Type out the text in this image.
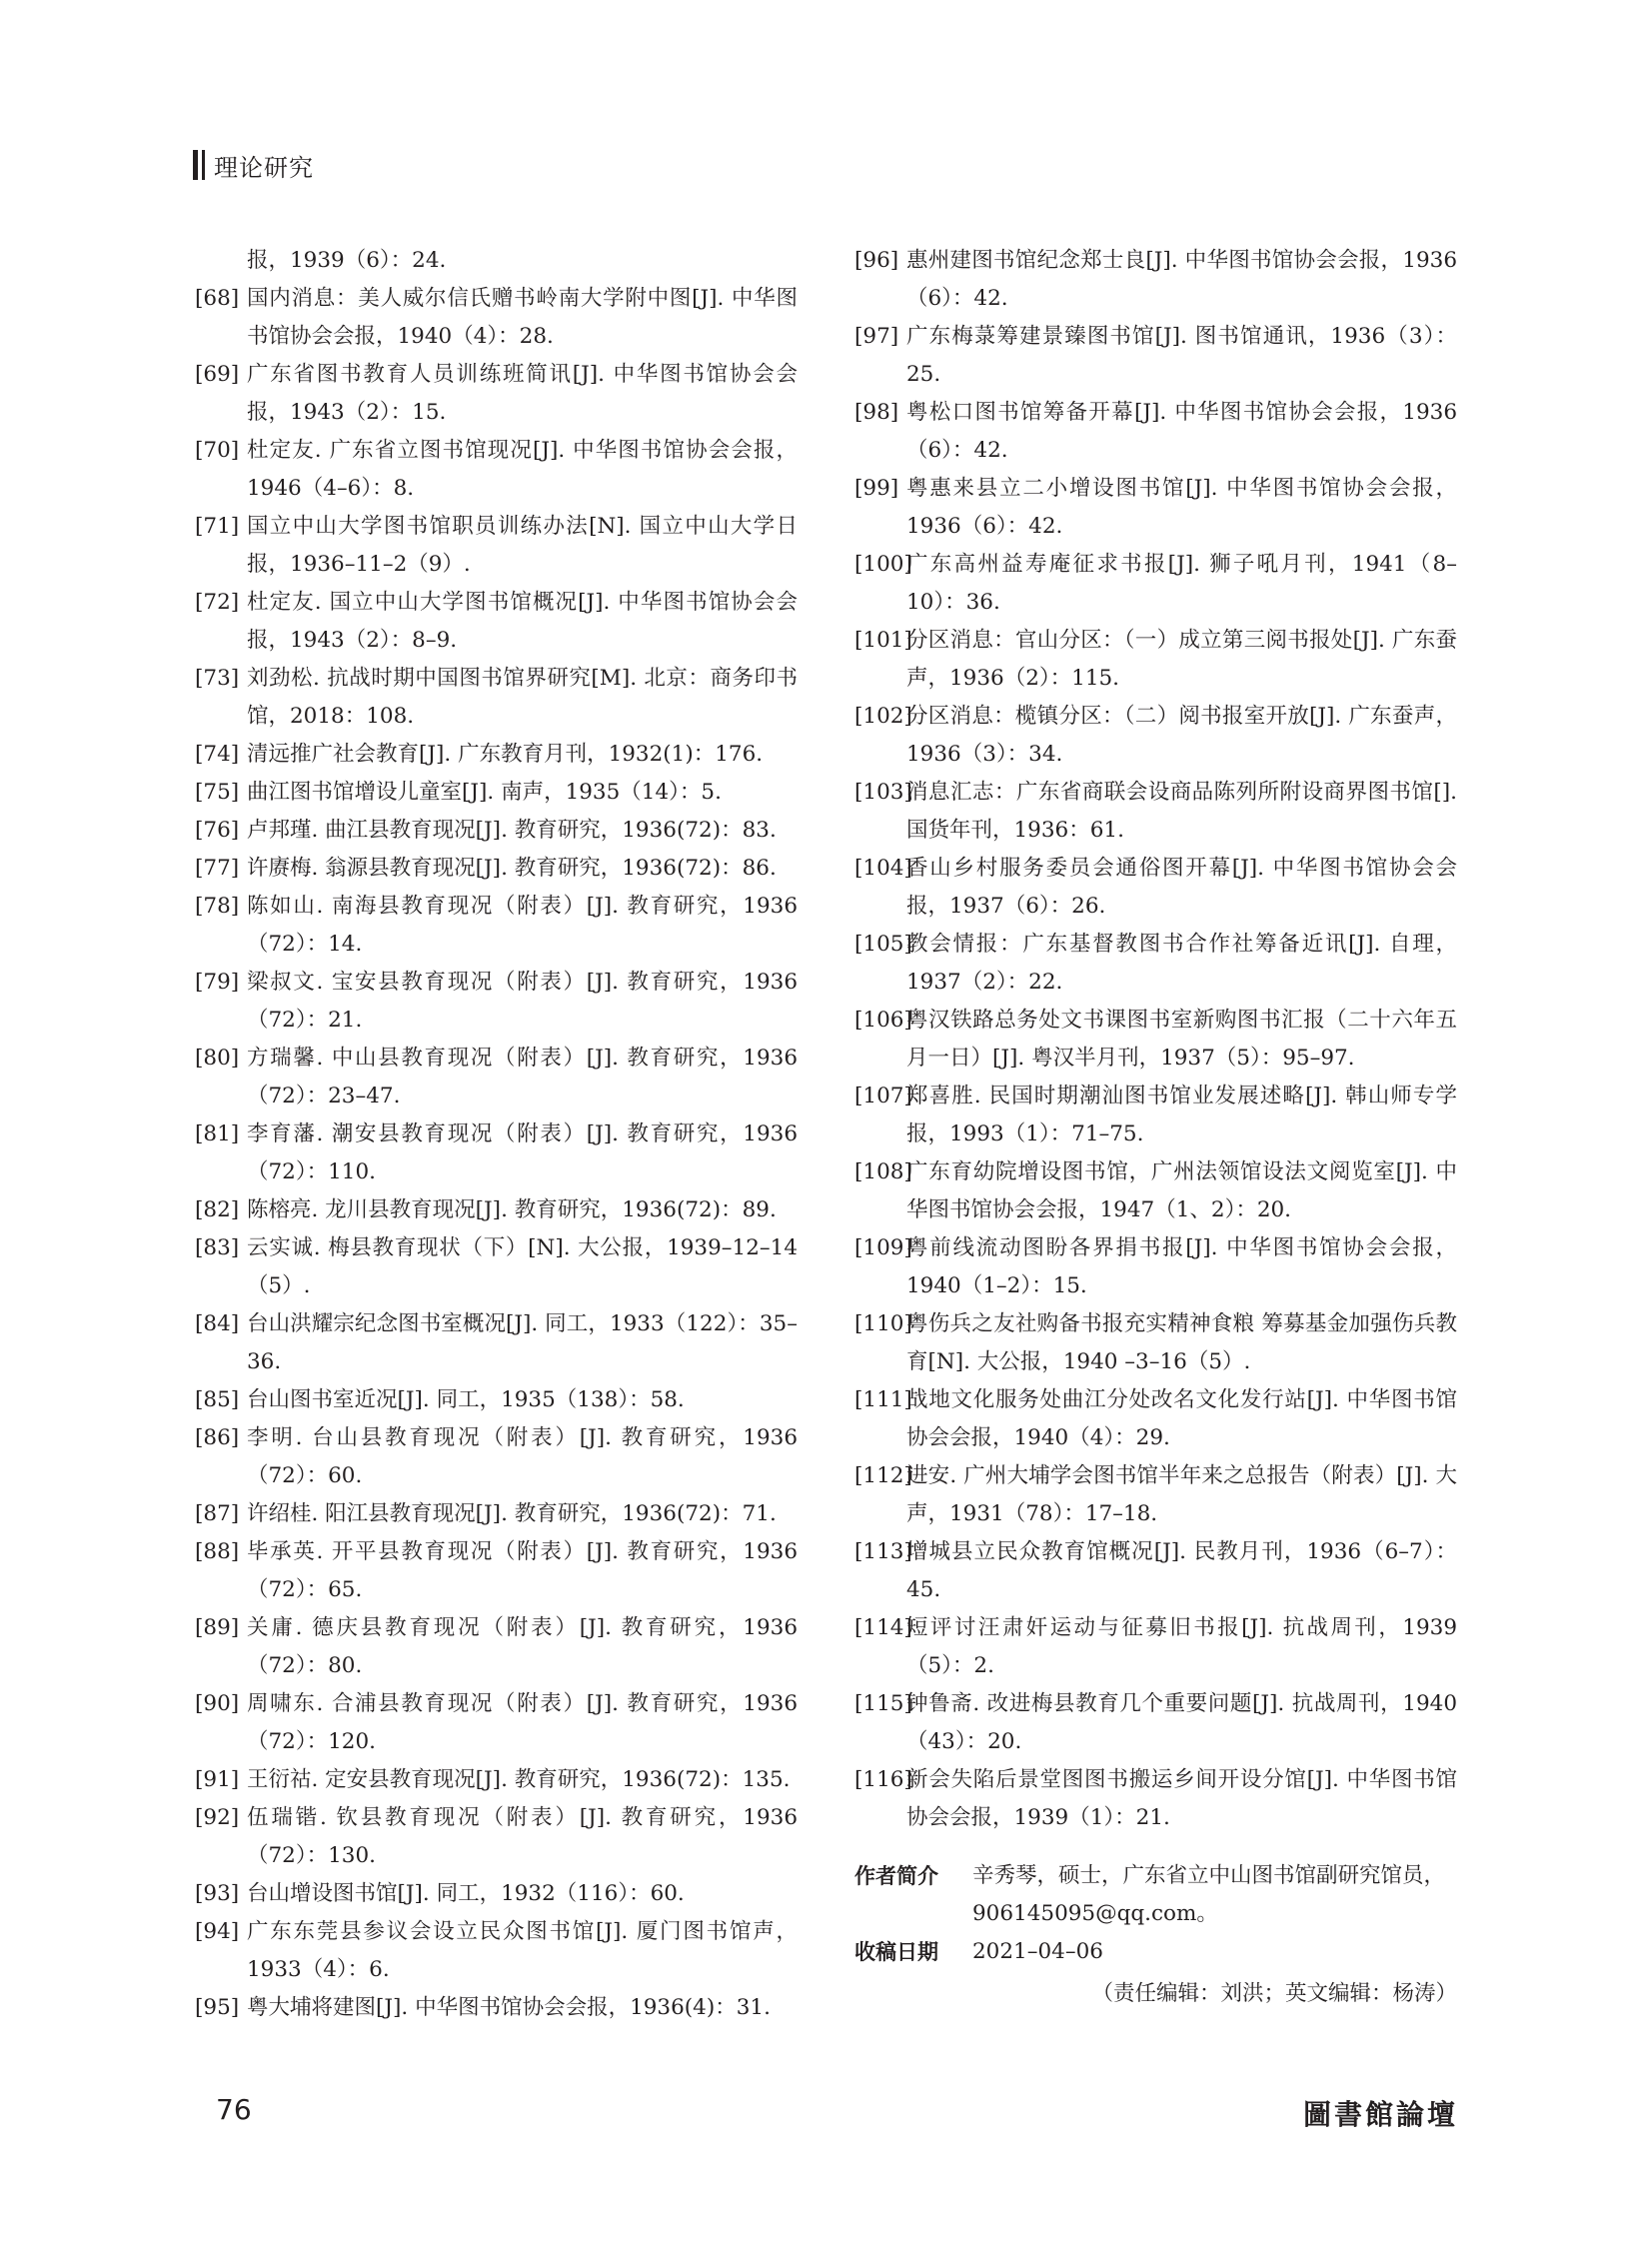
理论研究
报，1939（6）：24.
[68] 国内消息：美人威尔信氏赠书岭南大学附中图[J]. 中华图书馆协会会报，1940（4）：28.
[69] 广东省图书教育人员训练班简讯[J]. 中华图书馆协会会报，1943（2）：15.
[70] 杜定友. 广东省立图书馆现况[J]. 中华图书馆协会会报，1946（4–6）：8.
[71] 国立中山大学图书馆职员训练办法[N]. 国立中山大学日报，1936–11–2（9）.
[72] 杜定友. 国立中山大学图书馆概况[J]. 中华图书馆协会会报，1943（2）：8–9.
[73] 刘劲松. 抗战时期中国图书馆界研究[M]. 北京：商务印书馆，2018：108.
[74] 清远推广社会教育[J]. 广东教育月刊，1932(1)：176.
[75] 曲江图书馆增设儿童室[J]. 南声，1935（14）：5.
[76] 卢邦瑾. 曲江县教育现况[J]. 教育研究，1936(72)：83.
[77] 许赓梅. 翁源县教育现况[J]. 教育研究，1936(72)：86.
[78] 陈如山. 南海县教育现况（附表）[J]. 教育研究，1936（72）：14.
[79] 梁叔文. 宝安县教育现况（附表）[J]. 教育研究，1936（72）：21.
[80] 方瑞馨. 中山县教育现况（附表）[J]. 教育研究，1936（72）：23–47.
[81] 李育藩. 潮安县教育现况（附表）[J]. 教育研究，1936（72）：110.
[82] 陈榕亮. 龙川县教育现况[J]. 教育研究，1936(72)：89.
[83] 云实诚. 梅县教育现状（下）[N]. 大公报，1939–12–14（5）.
[84] 台山洪耀宗纪念图书室概况[J]. 同工，1933（122）：35–36.
[85] 台山图书室近况[J]. 同工，1935（138）：58.
[86] 李明. 台山县教育现况（附表）[J]. 教育研究，1936（72）：60.
[87] 许绍桂. 阳江县教育现况[J]. 教育研究，1936(72)：71.
[88] 毕承英. 开平县教育现况（附表）[J]. 教育研究，1936（72）：65.
[89] 关庸. 德庆县教育现况（附表）[J]. 教育研究，1936（72）：80.
[90] 周啸东. 合浦县教育现况（附表）[J]. 教育研究，1936（72）：120.
[91] 王衍祜. 定安县教育现况[J]. 教育研究，1936(72)：135.
[92] 伍瑞锴. 钦县教育现况（附表）[J]. 教育研究，1936（72）：130.
[93] 台山增设图书馆[J]. 同工，1932（116）：60.
[94] 广东东莞县参议会设立民众图书馆[J]. 厦门图书馆声，1933（4）：6.
[95] 粤大埔将建图[J]. 中华图书馆协会会报，1936(4)：31.
[96] 惠州建图书馆纪念郑士良[J]. 中华图书馆协会会报，1936（6）：42.
[97] 广东梅菉筹建景臻图书馆[J]. 图书馆通讯，1936（3）：25.
[98] 粤松口图书馆筹备开幕[J]. 中华图书馆协会会报，1936（6）：42.
[99] 粤惠来县立二小增设图书馆[J]. 中华图书馆协会会报，1936（6）：42.
[100]
广东高州益寿庵征求书报[J]. 狮子吼月刊，1941（8–10）：36.
[101]
分区消息：官山分区：（一）成立第三阅书报处[J]. 广东蚕声，1936（2）：115.
[102]
分区消息：榄镇分区：（二）阅书报室开放[J]. 广东蚕声，1936（3）：34.
[103]
消息汇志：广东省商联会设商品陈列所附设商界图书馆[]. 国货年刊，1936：61.
[104]
香山乡村服务委员会通俗图开幕[J]. 中华图书馆协会会报，1937（6）：26.
[105]
教会情报：广东基督教图书合作社筹备近讯[J]. 自理，1937（2）：22.
[106]
粤汉铁路总务处文书课图书室新购图书汇报（二十六年五月一日）[J]. 粤汉半月刊，1937（5）：95–97.
[107]
郑喜胜. 民国时期潮汕图书馆业发展述略[J]. 韩山师专学报，1993（1）：71–75.
[108]
广东育幼院增设图书馆，广州法领馆设法文阅览室[J]. 中华图书馆协会会报，1947（1、2）：20.
[109]
粤前线流动图盼各界捐书报[J]. 中华图书馆协会会报，1940（1–2）：15.
[110]
粤伤兵之友社购备书报充实精神食粮 筹募基金加强伤兵教育[N]. 大公报，1940 –3–16（5）.
[111]
战地文化服务处曲江分处改名文化发行站[J]. 中华图书馆协会会报，1940（4）：29.
[112]
进安. 广州大埔学会图书馆半年来之总报告（附表）[J]. 大声，1931（78）：17–18.
[113]
增城县立民众教育馆概况[J]. 民教月刊，1936（6–7）：45.
[114]
短评讨汪肃奸运动与征募旧书报[J]. 抗战周刊，1939（5）：2.
[115]
钟鲁斋. 改进梅县教育几个重要问题[J]. 抗战周刊，1940（43）：20.
[116]
新会失陷后景堂图图书搬运乡间开设分馆[J]. 中华图书馆协会会报，1939（1）：21.
作者简介 辛秀琴，硕士，广东省立中山图书馆副研究馆员，906145095@qq.com。
收稿日期 2021–04–06
（责任编辑：刘洪；英文编辑：杨涛）
76	圖書館論壇
